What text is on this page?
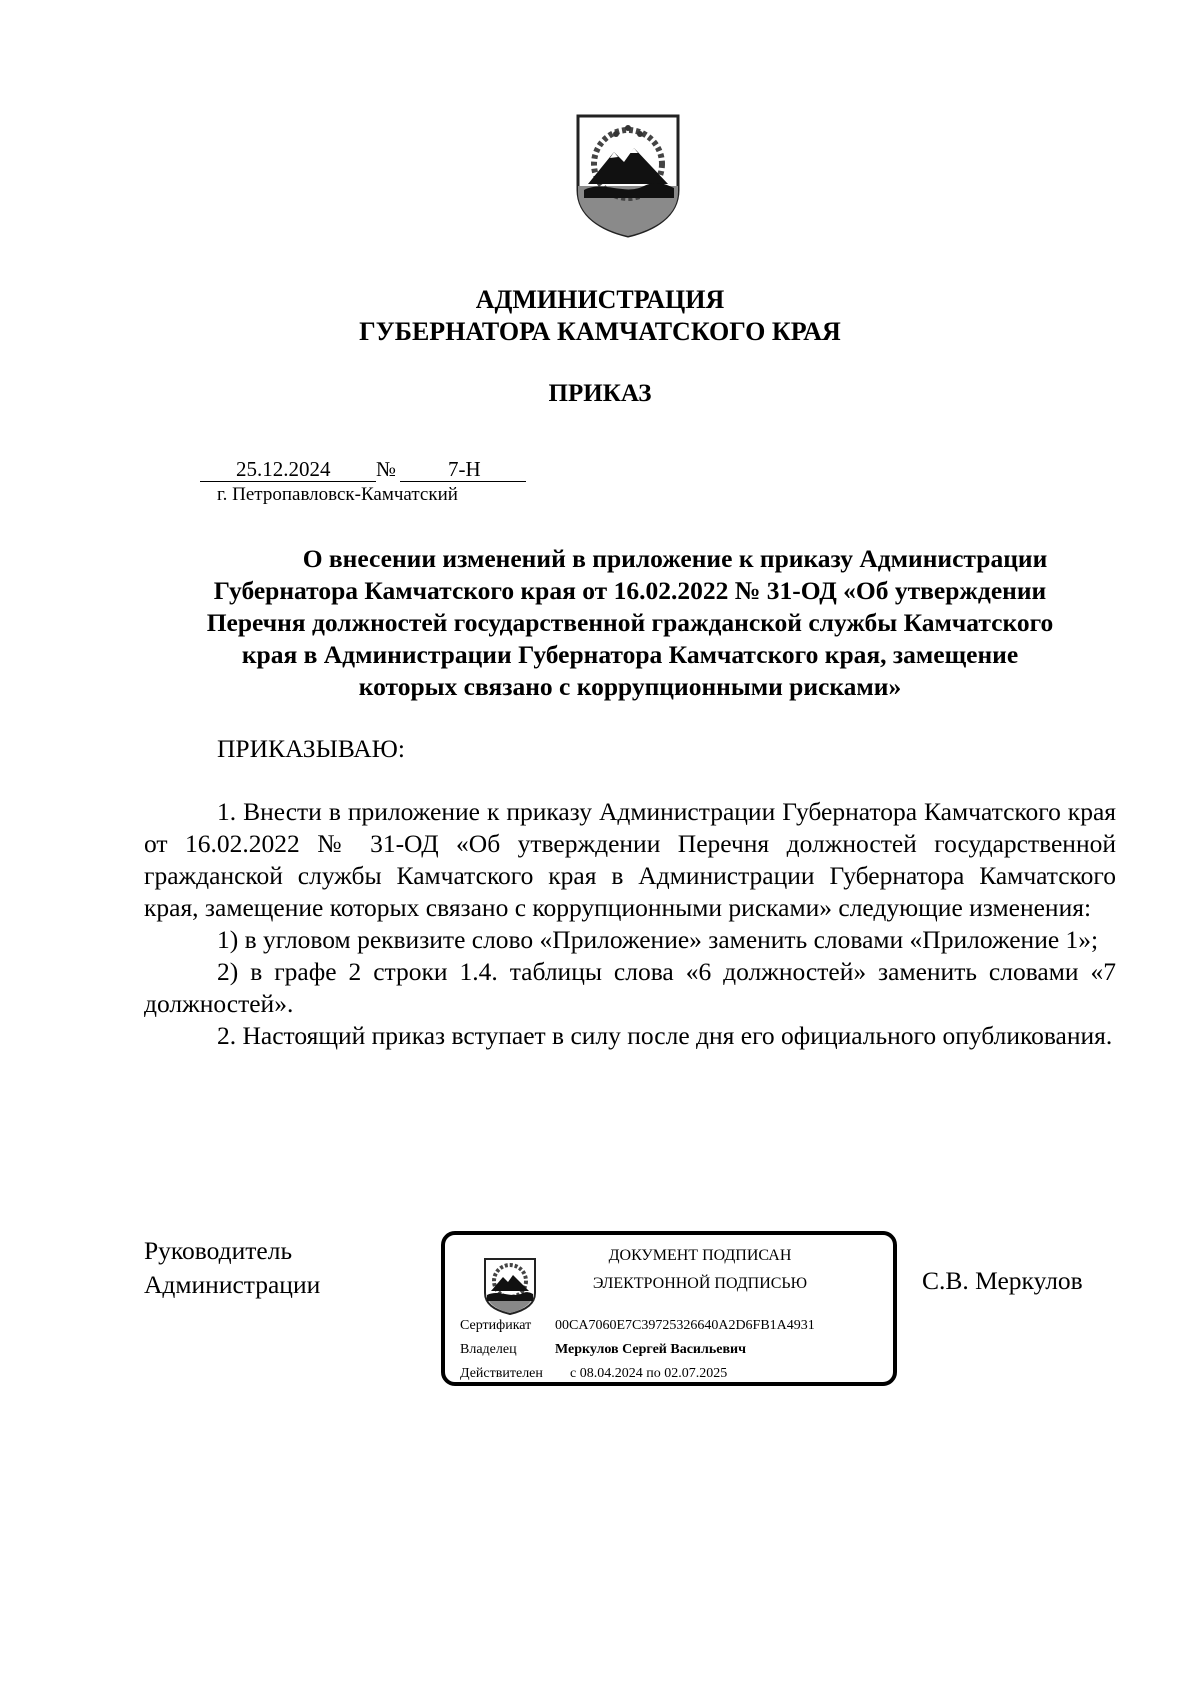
АДМИНИСТРАЦИЯ
ГУБЕРНАТОРА КАМЧАТСКОГО КРАЯ
ПРИКАЗ
25.12.2024 № 7-Н
г. Петропавловск-Камчатский
О внесении изменений в приложение к приказу Администрации
Губернатора Камчатского края от 16.02.2022 № 31-ОД «Об утверждении
Перечня должностей государственной гражданской службы Камчатского
края в Администрации Губернатора Камчатского края, замещение
которых связано с коррупционными рисками»
ПРИКАЗЫВАЮ:

1. Внести в приложение к приказу Администрации Губернатора Камчатского края от 16.02.2022 № 31-ОД «Об утверждении Перечня должностей государственной гражданской службы Камчатского края в Администрации Губернатора Камчатского края, замещение которых связано с коррупционными рисками» следующие изменения:

1) в угловом реквизите слово «Приложение» заменить словами «Приложение 1»;

2) в графе 2 строки 1.4. таблицы слова «6 должностей» заменить словами «7 должностей».

2. Настоящий приказ вступает в силу после дня его официального опубликования.

Руководитель
Администрации
ДОКУМЕНТ ПОДПИСАН
ЭЛЕКТРОННОЙ ПОДПИСЬЮ
Сертификат 00CA7060E7C39725326640A2D6FB1A4931
Владелец	Меркулов Сергей Васильевич
Действителен с 08.04.2024 по 02.07.2025
С.В. Меркулов
